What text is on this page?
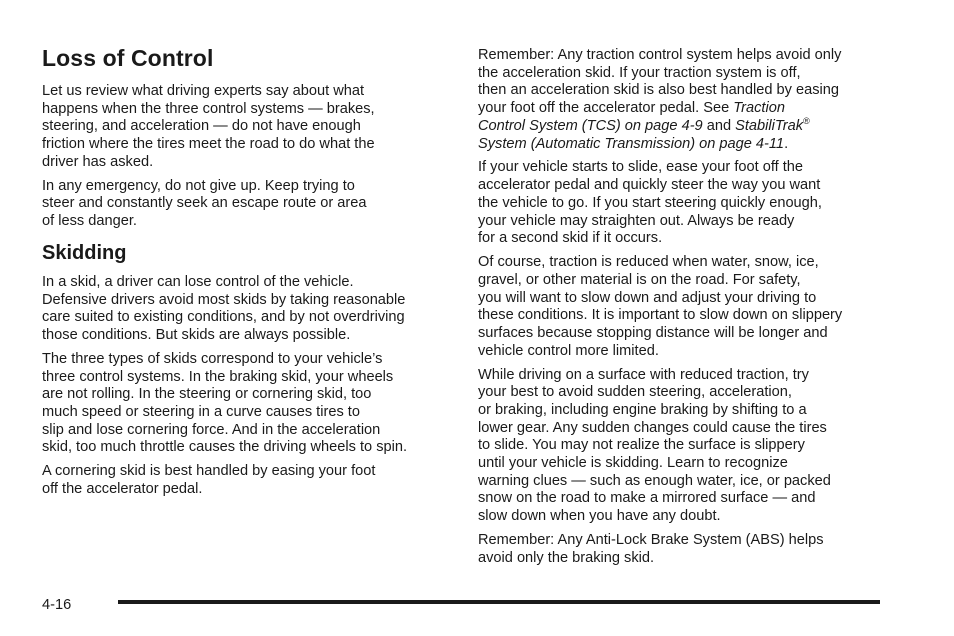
Loss of Control

Let us review what driving experts say about what
happens when the three control systems — brakes,
steering, and acceleration — do not have enough
friction where the tires meet the road to do what the
driver has asked.

In any emergency, do not give up. Keep trying to
steer and constantly seek an escape route or area
of less danger.

Skidding

In a skid, a driver can lose control of the vehicle.
Defensive drivers avoid most skids by taking reasonable
care suited to existing conditions, and by not overdriving
those conditions. But skids are always possible.

The three types of skids correspond to your vehicle’s
three control systems. In the braking skid, your wheels
are not rolling. In the steering or cornering skid, too
much speed or steering in a curve causes tires to
slip and lose cornering force. And in the acceleration
skid, too much throttle causes the driving wheels to spin.

A cornering skid is best handled by easing your foot
off the accelerator pedal.

Remember: Any traction control system helps avoid only
the acceleration skid. If your traction system is off,
then an acceleration skid is also best handled by easing
your foot off the accelerator pedal. See Traction
Control System (TCS) on page 4-9 and StabiliTrak®
System (Automatic Transmission) on page 4-11.

If your vehicle starts to slide, ease your foot off the
accelerator pedal and quickly steer the way you want
the vehicle to go. If you start steering quickly enough,
your vehicle may straighten out. Always be ready
for a second skid if it occurs.

Of course, traction is reduced when water, snow, ice,
gravel, or other material is on the road. For safety,
you will want to slow down and adjust your driving to
these conditions. It is important to slow down on slippery
surfaces because stopping distance will be longer and
vehicle control more limited.

While driving on a surface with reduced traction, try
your best to avoid sudden steering, acceleration,
or braking, including engine braking by shifting to a
lower gear. Any sudden changes could cause the tires
to slide. You may not realize the surface is slippery
until your vehicle is skidding. Learn to recognize
warning clues — such as enough water, ice, or packed
snow on the road to make a mirrored surface — and
slow down when you have any doubt.

Remember: Any Anti-Lock Brake System (ABS) helps
avoid only the braking skid.

4-16
